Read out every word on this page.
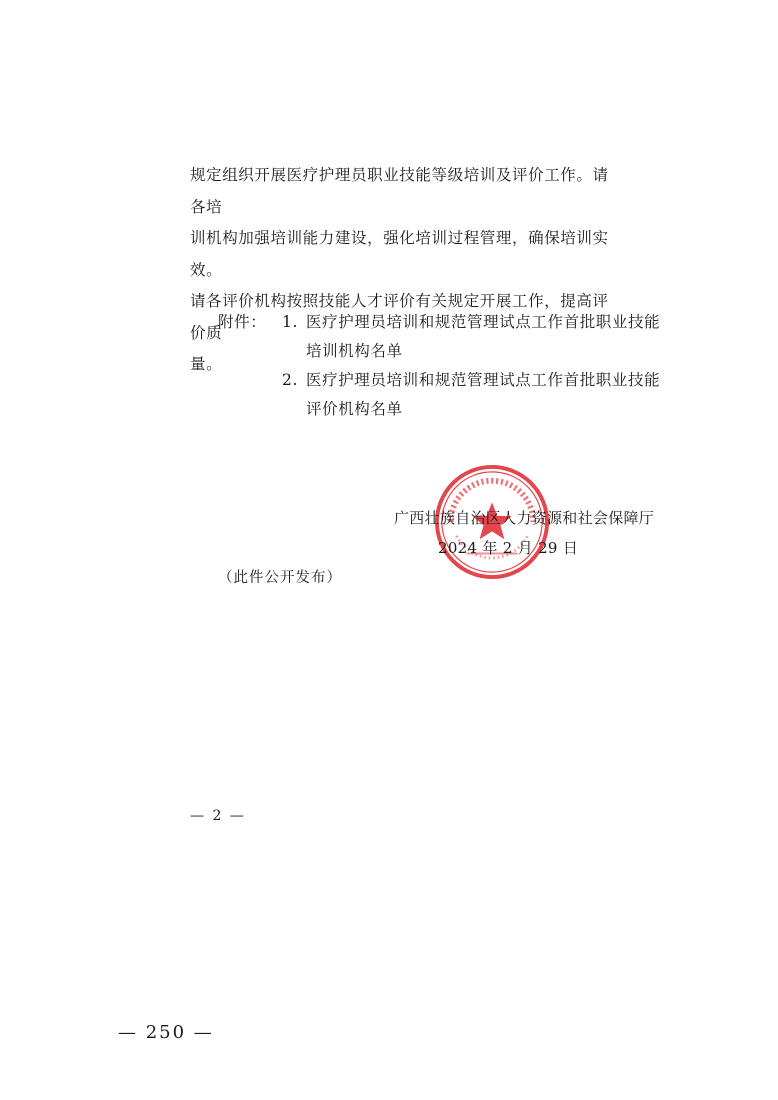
规定组织开展医疗护理员职业技能等级培训及评价工作。请各培

训机构加强培训能力建设，强化培训过程管理，确保培训实效。

请各评价机构按照技能人才评价有关规定开展工作，提高评价质

量。

附件：	1. 医疗护理员培训和规范管理试点工作首批职业技能
培训机构名单
2. 医疗护理员培训和规范管理试点工作首批职业技能
评价机构名单
广西壮族自治区人力资源和社会保障厅
2024 年 2 月 29 日
（此件公开发布）
— 2 —
— 250 —
